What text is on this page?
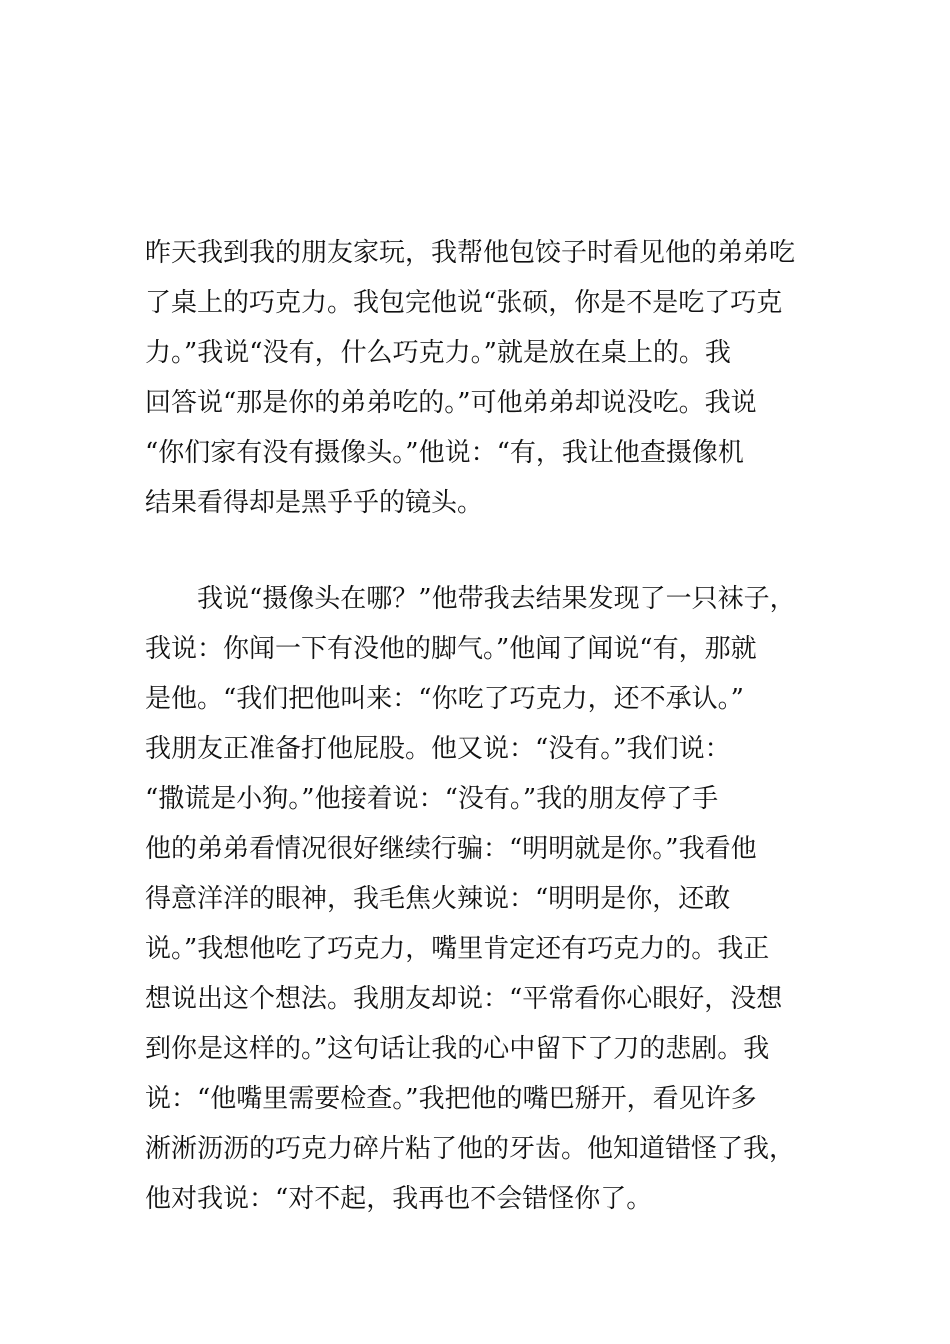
昨天我到我的朋友家玩，我帮他包饺子时看见他的弟弟吃
了桌上的巧克力。我包完他说“张硕，你是不是吃了巧克
力。”我说“没有，什么巧克力。”就是放在桌上的。我
回答说“那是你的弟弟吃的。”可他弟弟却说没吃。我说
“你们家有没有摄像头。”他说：“有，我让他查摄像机
结果看得却是黑乎乎的镜头。
　　我说“摄像头在哪？”他带我去结果发现了一只袜子，
我说：你闻一下有没他的脚气。”他闻了闻说“有，那就
是他。“我们把他叫来：“你吃了巧克力，还不承认。”
我朋友正准备打他屁股。他又说：“没有。”我们说：
“撒谎是小狗。”他接着说：“没有。”我的朋友停了手
他的弟弟看情况很好继续行骗：“明明就是你。”我看他
得意洋洋的眼神，我毛焦火辣说：“明明是你，还敢
说。”我想他吃了巧克力，嘴里肯定还有巧克力的。我正
想说出这个想法。我朋友却说：“平常看你心眼好，没想
到你是这样的。”这句话让我的心中留下了刀的悲剧。我
说：“他嘴里需要检查。”我把他的嘴巴掰开，看见许多
淅淅沥沥的巧克力碎片粘了他的牙齿。他知道错怪了我，
他对我说：“对不起，我再也不会错怪你了。
